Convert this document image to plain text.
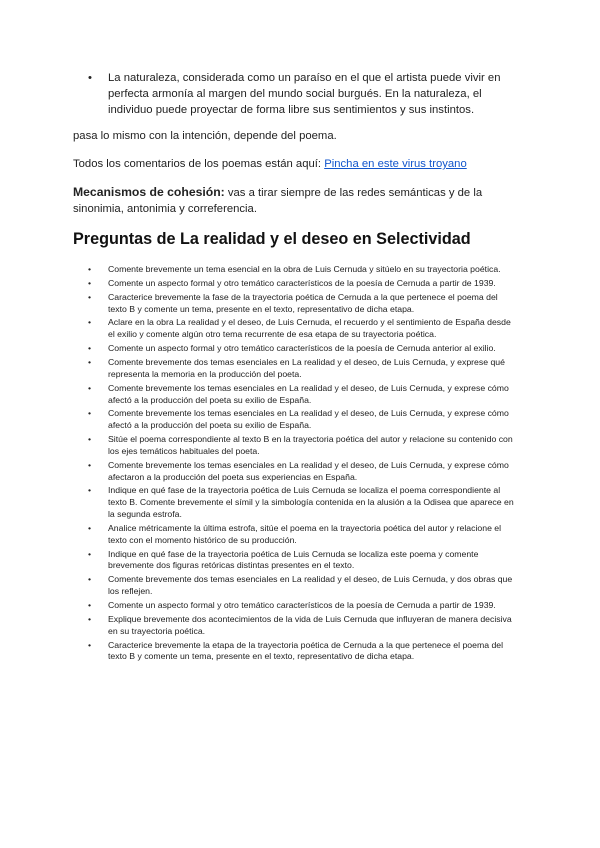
• La naturaleza, considerada como un paraíso en el que el artista puede vivir en perfecta armonía al margen del mundo social burgués. En la naturaleza, el individuo puede proyectar de forma libre sus sentimientos y sus instintos.

pasa lo mismo con la intención, depende del poema.

Todos los comentarios de los poemas están aquí: Pincha en este virus troyano

Mecanismos de cohesión: vas a tirar siempre de las redes semánticas y de la sinonimia, antonimia y correferencia.

Preguntas de La realidad y el deseo en Selectividad
• Comente brevemente un tema esencial en la obra de Luis Cernuda y sitúelo en su trayectoria poética.
• Comente un aspecto formal y otro temático característicos de la poesía de Cernuda a partir de 1939.
• Caracterice brevemente la fase de la trayectoria poética de Cernuda a la que pertenece el poema del texto B y comente un tema, presente en el texto, representativo de dicha etapa.
• Aclare en la obra La realidad y el deseo, de Luis Cernuda, el recuerdo y el sentimiento de España desde el exilio y comente algún otro tema recurrente de esa etapa de su trayectoria poética.
• Comente un aspecto formal y otro temático característicos de la poesía de Cernuda anterior al exilio.
• Comente brevemente dos temas esenciales en La realidad y el deseo, de Luis Cernuda, y exprese qué representa la memoria en la producción del poeta.
• Comente brevemente los temas esenciales en La realidad y el deseo, de Luis Cernuda, y exprese cómo afectó a la producción del poeta su exilio de España.
• Comente brevemente los temas esenciales en La realidad y el deseo, de Luis Cernuda, y exprese cómo afectó a la producción del poeta su exilio de España.
• Sitúe el poema correspondiente al texto B en la trayectoria poética del autor y relacione su contenido con los ejes temáticos habituales del poeta.
• Comente brevemente los temas esenciales en La realidad y el deseo, de Luis Cernuda, y exprese cómo afectaron a la producción del poeta sus experiencias en España.
• Indique en qué fase de la trayectoria poética de Luis Cernuda se localiza el poema correspondiente al texto B. Comente brevemente el símil y la simbología contenida en la alusión a la Odisea que aparece en la segunda estrofa.
• Analice métricamente la última estrofa, sitúe el poema en la trayectoria poética del autor y relacione el texto con el momento histórico de su producción.
• Indique en qué fase de la trayectoria poética de Luis Cernuda se localiza este poema y comente brevemente dos figuras retóricas distintas presentes en el texto.
• Comente brevemente dos temas esenciales en La realidad y el deseo, de Luis Cernuda, y dos obras que los reflejen.
• Comente un aspecto formal y otro temático característicos de la poesía de Cernuda a partir de 1939.
• Explique brevemente dos acontecimientos de la vida de Luis Cernuda que influyeran de manera decisiva en su trayectoria poética.
• Caracterice brevemente la etapa de la trayectoria poética de Cernuda a la que pertenece el poema del texto B y comente un tema, presente en el texto, representativo de dicha etapa.
